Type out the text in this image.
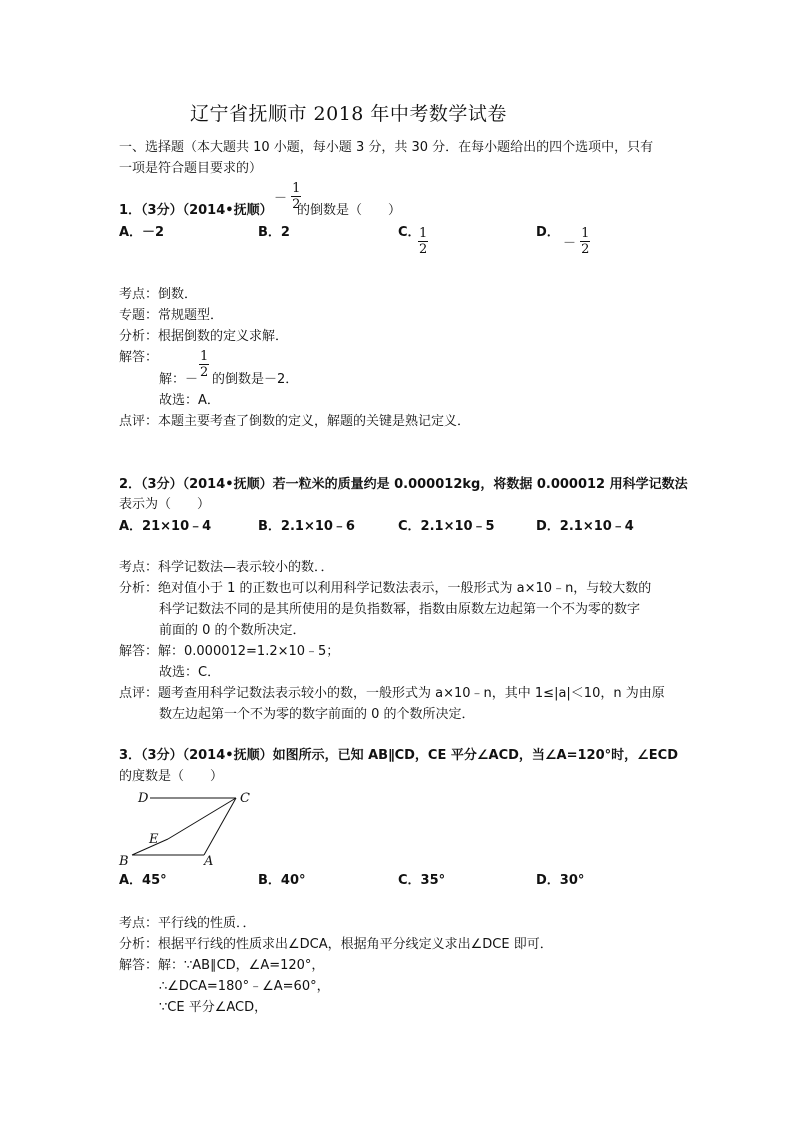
辽宁省抚顺市 2018 年中考数学试卷
一、选择题（本大题共 10 小题，每小题 3 分，共 30 分．在每小题给出的四个选项中，只有
一项是符合题目要求的）
1．（3分）（2014•抚顺）
－ $\frac{1}{2}$
的倒数是（　　）
A．－2	B．2	C．
$\frac{1}{2}$	D．
－ $\frac{1}{2}$
考点：倒数．
专题：常规题型．
分析：根据倒数的定义求解．
解答：
解：－ $\frac{1}{2}$ 的倒数是－2．
故选：A．
点评：本题主要考查了倒数的定义，解题的关键是熟记定义．
2．（3分）（2014•抚顺）若一粒米的质量约是 0.000012kg，将数据 0.000012 用科学记数法
表示为（　　）
A．21×10﹣4	B．2.1×10﹣6	C．2.1×10﹣5	D．2.1×10﹣4
考点：科学记数法—表示较小的数．．
分析：绝对值小于 1 的正数也可以利用科学记数法表示，一般形式为 a×10﹣n，与较大数的
科学记数法不同的是其所使用的是负指数幂，指数由原数左边起第一个不为零的数字
前面的 0 的个数所决定．
解答：解：0.000012=1.2×10﹣5；
故选：C．
点评：题考查用科学记数法表示较小的数，一般形式为 a×10﹣n，其中 1≤|a|＜10，n 为由原
数左边起第一个不为零的数字前面的 0 的个数所决定．
3．（3分）（2014•抚顺）如图所示，已知 AB∥CD，CE 平分∠ACD，当∠A=120°时，∠ECD
的度数是（　　）
D	C
E
B	A
A．45°	B．40°	C．35°	D．30°
考点：平行线的性质．．
分析：根据平行线的性质求出∠DCA，根据角平分线定义求出∠DCE 即可．
解答：解：∵AB∥CD，∠A=120°，
∴∠DCA=180°﹣∠A=60°，
∵CE 平分∠ACD，
